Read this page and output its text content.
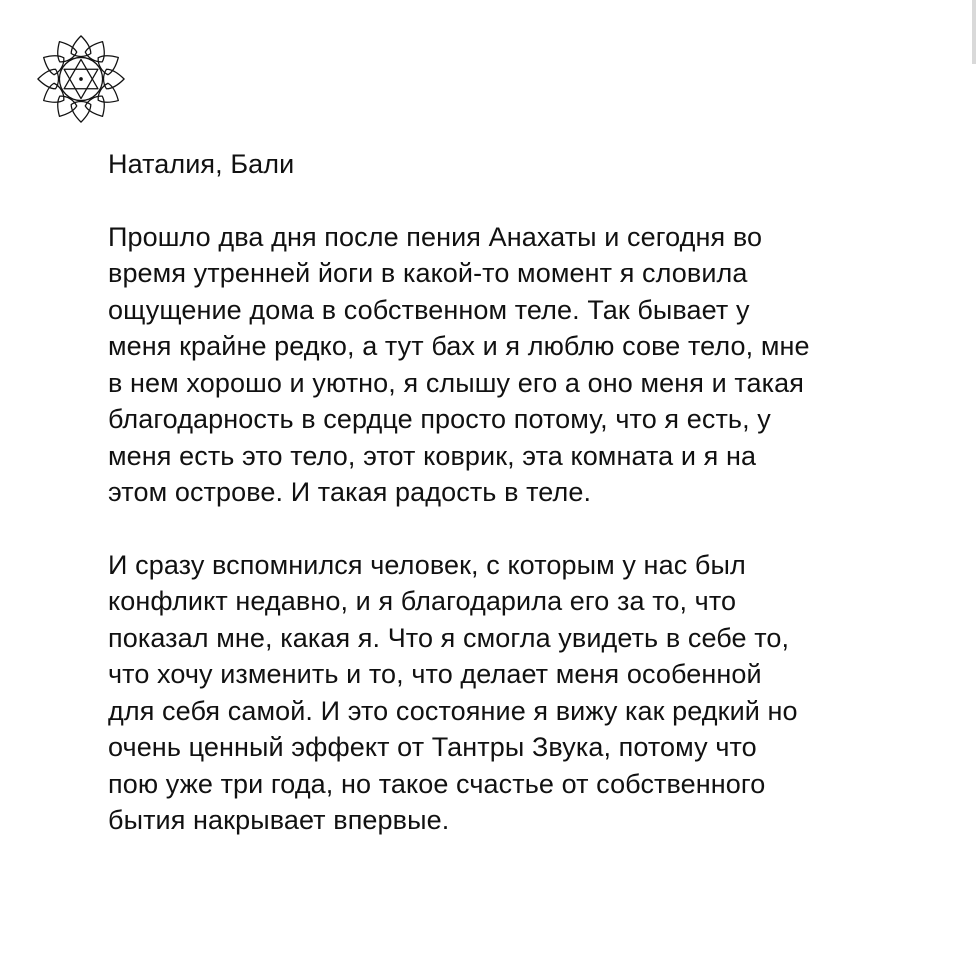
Наталия, Бали

Прошло два дня после пения Анахаты и сегодня во
время утренней йоги в какой-то момент я словила
ощущение дома в собственном теле. Так бывает у
меня крайне редко, а тут бах и я люблю сове тело, мне
в нем хорошо и уютно, я слышу его а оно меня и такая
благодарность в сердце просто потому, что я есть, у
меня есть это тело, этот коврик, эта комната и я на
этом острове. И такая радость в теле.
И сразу вспомнился человек, с которым у нас был
конфликт недавно, и я благодарила его за то, что
показал мне, какая я. Что я смогла увидеть в себе то,
что хочу изменить и то, что делает меня особенной
для себя самой. И это состояние я вижу как редкий но
очень ценный эффект от Тантры Звука, потому что
пою уже три года, но такое счастье от собственного
бытия накрывает впервые.
